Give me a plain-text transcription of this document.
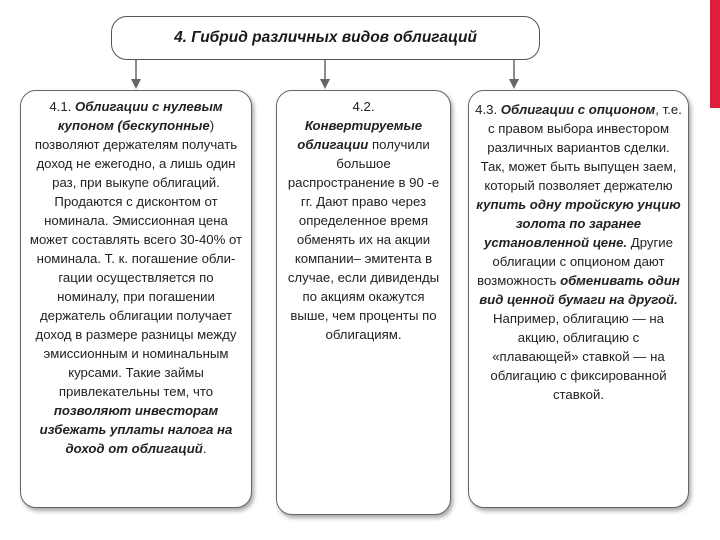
4. Гибрид различных видов облигаций

4.1. Облигации с нулевым купоном (бескупонные) позволяют держателям получать доход не ежегодно, а лишь один раз, при выкупе облигаций. Продаются с дисконтом от номинала. Эмиссионная цена может составлять всего 30-40% от номинала. Т. к. погашение обли-гации осуществляется по номиналу, при погашении держатель облигации получает доход в размере разницы между эмиссионным и номинальным курсами. Такие займы привлекательны тем, что позволяют инвесторам избежать уплаты налога на доход от облигаций.

4.2.

Конвертируемые облигации получили большое распространение в 90 -е гг. Дают право через определенное время обменять их на акции компании– эмитента в случае, если дивиденды по акциям окажутся выше, чем проценты по облигациям.

4.3. Облигации с опционом, т.е. с правом выбора инвестором различных вариантов сделки. Так, может быть выпущен заем, который позволяет держателю купить одну тройскую унцию золота по заранее установленной цене. Другие облигации с опционом дают возможность обменивать один вид ценной бумаги на другой. Например, облигацию — на акцию, облигацию с «плавающей» ставкой — на облигацию с фиксированной ставкой.
